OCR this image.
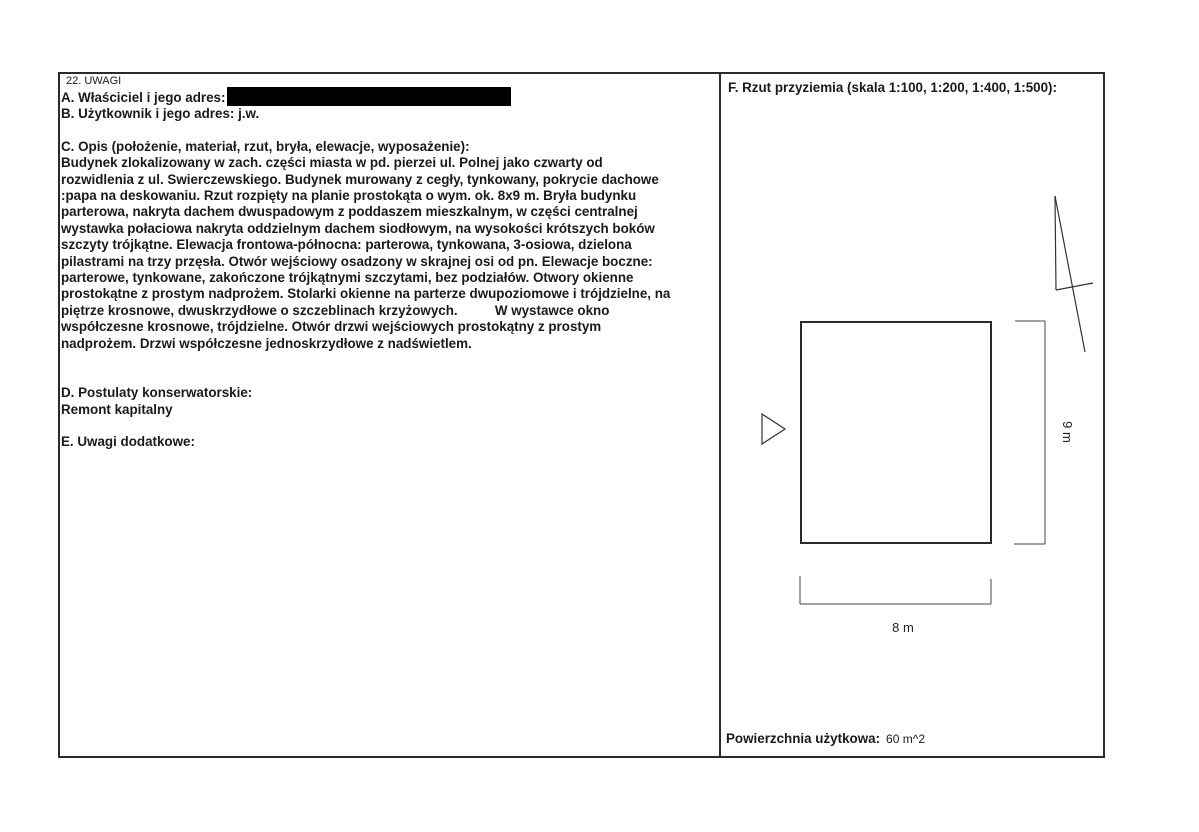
22. UWAGI
A. Właściciel i jego adres:
B. Użytkownik i jego adres: j.w.
C. Opis (położenie, materiał, rzut, bryła, elewacje, wyposażenie):
Budynek zlokalizowany w zach. części miasta w pd. pierzei ul. Polnej jako czwarty od
rozwidlenia z ul. Swierczewskiego. Budynek murowany z cegły, tynkowany, pokrycie dachowe
:papa na deskowaniu. Rzut rozpięty na planie prostokąta o wym. ok. 8x9 m. Bryła budynku
parterowa, nakryta dachem dwuspadowym z poddaszem mieszkalnym, w części centralnej
wystawka połaciowa nakryta oddzielnym dachem siodłowym, na wysokości krótszych boków
szczyty trójkątne. Elewacja frontowa-północna: parterowa, tynkowana, 3-osiowa, dzielona
pilastrami na trzy przęsła. Otwór wejściowy osadzony w skrajnej osi od pn. Elewacje boczne:
parterowe, tynkowane, zakończone trójkątnymi szczytami, bez podziałów. Otwory okienne
prostokątne z prostym nadprożem. Stolarki okienne na parterze dwupoziomowe i trójdzielne, na
piętrze krosnowe, dwuskrzydłowe o szczeblinach krzyżowych.          W wystawce okno
współczesne krosnowe, trójdzielne. Otwór drzwi wejściowych prostokątny z prostym
nadprożem. Drzwi współczesne jednoskrzydłowe z nadświetlem.
D. Postulaty konserwatorskie:
Remont kapitalny
E. Uwagi dodatkowe:
F. Rzut przyziemia (skala 1:100, 1:200, 1:400, 1:500):
9 m
8 m
Powierzchnia użytkowa: 60 m^2
